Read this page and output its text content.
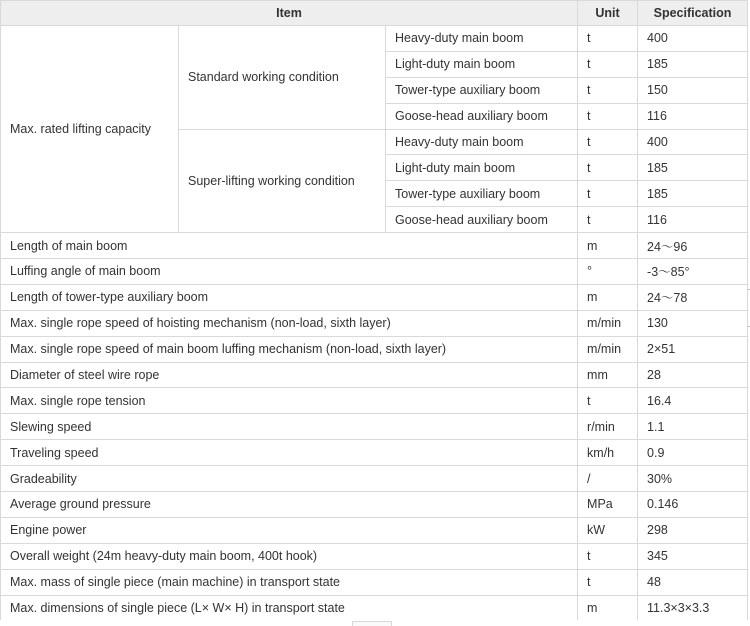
Item			Unit	Specification
Max. rated lifting capacity	Standard working condition	Heavy-duty main boom	t	400
		Light-duty main boom	t	185
		Tower-type auxiliary boom	t	150
		Goose-head auxiliary boom	t	116
	Super-lifting working condition	Heavy-duty main boom	t	400
		Light-duty main boom	t	185
		Tower-type auxiliary boom	t	185
		Goose-head auxiliary boom	t	116
Length of main boom			m	24～96
Luffing angle of main boom			°	-3～85°
Length of tower-type auxiliary boom			m	24～78
Max. single rope speed of hoisting mechanism (non-load, sixth layer)			m/min	130
Max. single rope speed of main boom luffing mechanism (non-load, sixth layer)			m/min	2×51
Diameter of steel wire rope			mm	28
Max. single rope tension			t	16.4
Slewing speed			r/min	1.1
Traveling speed			km/h	0.9
Gradeability			/	30%
Average ground pressure			MPa	0.146
Engine power			kW	298
Overall weight (24m heavy-duty main boom, 400t hook)			t	345
Max. mass of single piece (main machine) in transport state			t	48
Max. dimensions of single piece (L× W× H) in transport state			m	11.3×3×3.3
